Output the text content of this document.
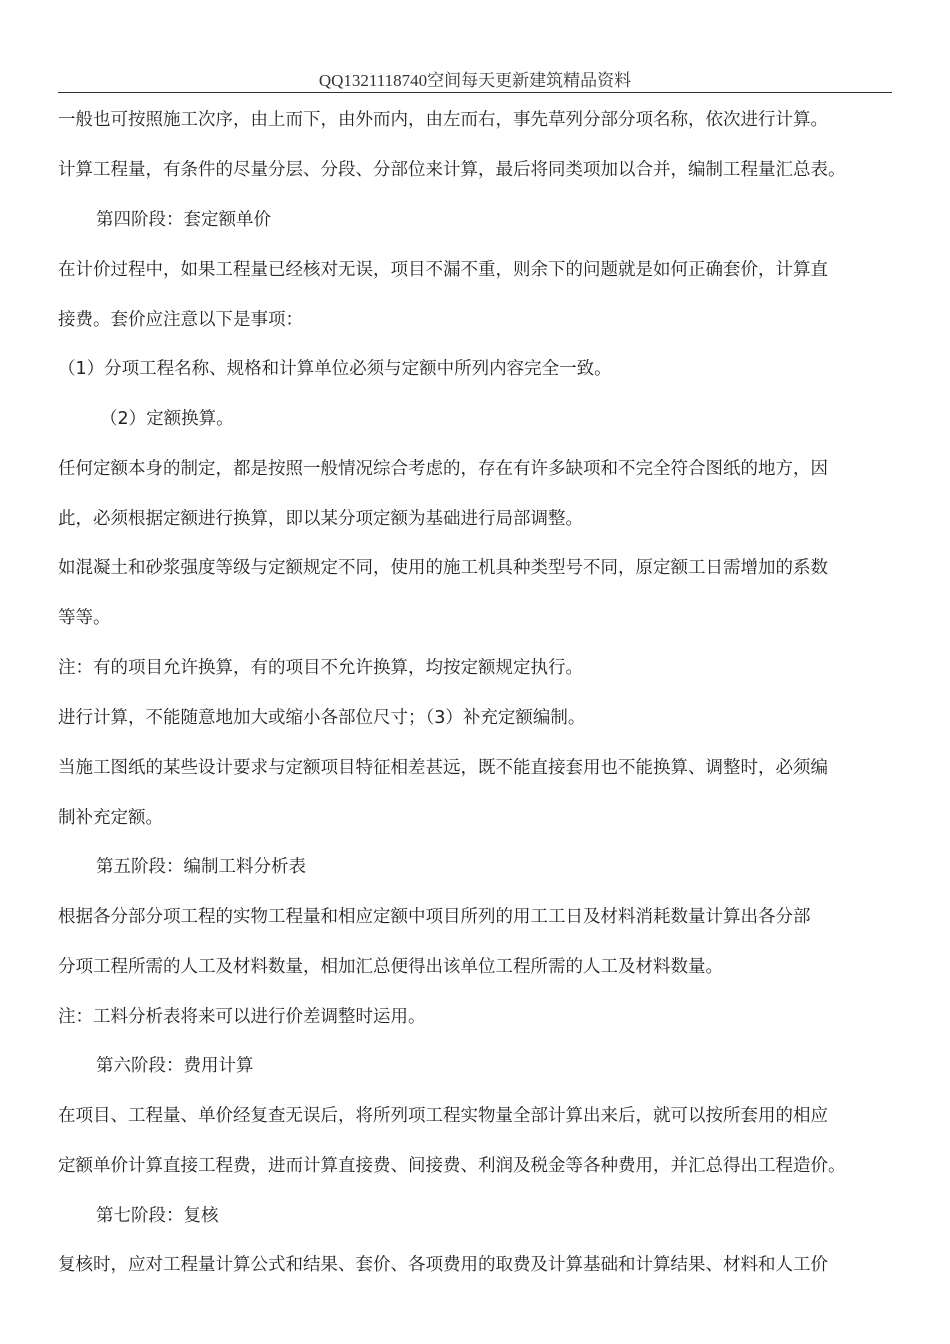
QQ1321118740空间每天更新建筑精品资料
一般也可按照施工次序，由上而下，由外而内，由左而右，事先草列分部分项名称，依次进行计算。
计算工程量，有条件的尽量分层、分段、分部位来计算，最后将同类项加以合并，编制工程量汇总表。
第四阶段：套定额单价
在计价过程中，如果工程量已经核对无误，项目不漏不重，则余下的问题就是如何正确套价，计算直
接费。套价应注意以下是事项：
（1）分项工程名称、规格和计算单位必须与定额中所列内容完全一致。
（2）定额换算。
任何定额本身的制定，都是按照一般情况综合考虑的，存在有许多缺项和不完全符合图纸的地方，因
此，必须根据定额进行换算，即以某分项定额为基础进行局部调整。
如混凝土和砂浆强度等级与定额规定不同，使用的施工机具种类型号不同，原定额工日需增加的系数
等等。
注：有的项目允许换算，有的项目不允许换算，均按定额规定执行。
进行计算，不能随意地加大或缩小各部位尺寸；（3）补充定额编制。
当施工图纸的某些设计要求与定额项目特征相差甚远，既不能直接套用也不能换算、调整时，必须编
制补充定额。
第五阶段：编制工料分析表
根据各分部分项工程的实物工程量和相应定额中项目所列的用工工日及材料消耗数量计算出各分部
分项工程所需的人工及材料数量，相加汇总便得出该单位工程所需的人工及材料数量。
注：工料分析表将来可以进行价差调整时运用。
第六阶段：费用计算
在项目、工程量、单价经复查无误后，将所列项工程实物量全部计算出来后，就可以按所套用的相应
定额单价计算直接工程费，进而计算直接费、间接费、利润及税金等各种费用，并汇总得出工程造价。
第七阶段：复核
复核时，应对工程量计算公式和结果、套价、各项费用的取费及计算基础和计算结果、材料和人工价
